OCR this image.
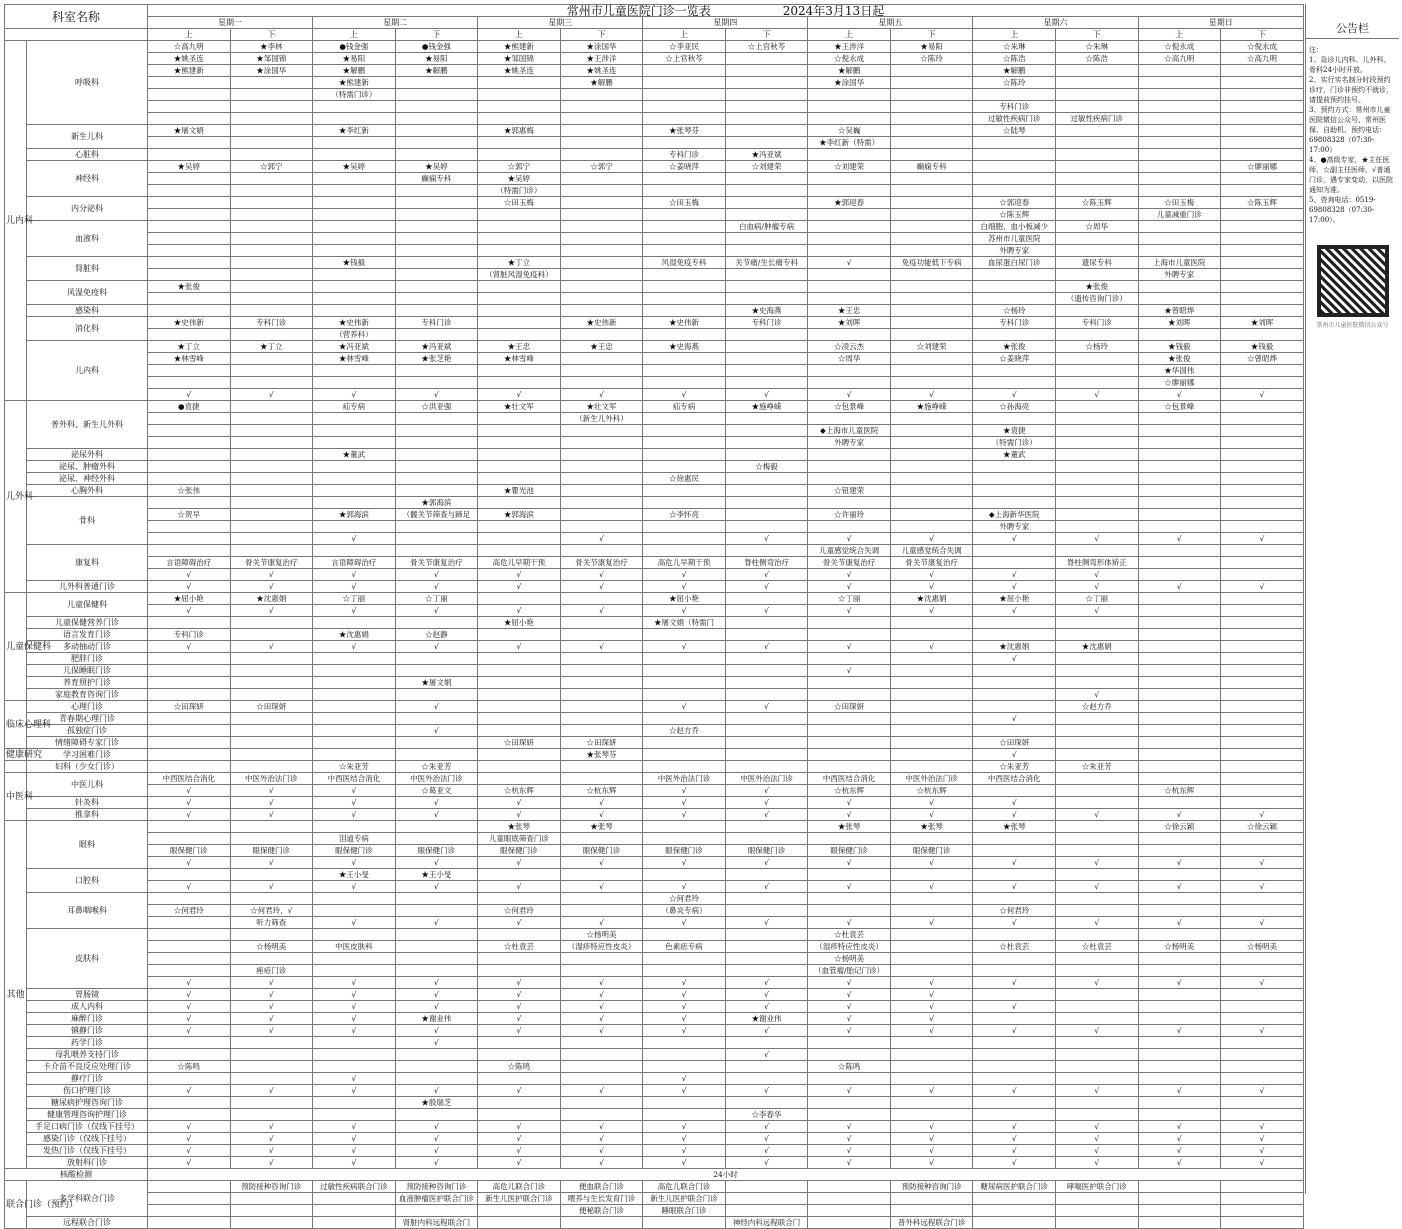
科室名称		常州市儿童医院门诊一览表　　　　　　2024年3月13日起													
		星期一		星期二		星期三		星期四		星期五		星期六		星期日	
		上	下	上	下	上	下	上	下	上	下	上	下	上	下
儿内科	呼吸科	☆高九明	★李林	●钱金强	●钱金强	★熊建新	★涂国华	☆李亚民	☆上官秋芩	★王涉洋	★易阳	☆朱琳	☆朱琳	☆倪永成	☆倪永成
		★姚圣连	★邹国锦	★易阳	★易阳	★邹国锦	★王涉洋	☆上官秋芩		☆倪永成	☆陈玲	☆陈浩	☆陈浩	☆高九明	☆高九明
		★熊建新	★涂国华	★解鹏	★解鹏	★姚圣连	★姚圣连			★解鹏		★解鹏			
				★熊建新			★解鹏			★涂国华		☆陈玲			
				（特需门诊）											
												专科门诊			
												过敏性疾病门诊	过敏性疾病门诊		
	新生儿科	★屠文娟		★李红新		★郭惠梅		★张琴芬		☆吴巍		☆陆琴			
										★李红新（特需）					
	心脏科							专科门诊	★冯亚斌						
	神经科	★吴婷	☆郭宁	★吴婷	★吴婷	☆郭宁	☆郭宁	☆姜晓萍	☆刘建荣	☆刘建荣	癫痫专科				☆廖丽娜
					癫痫专科	★吴婷									
						（特需门诊）									
	内分泌科					☆田玉梅		☆田玉梅		★郭迎春		☆郭迎春	☆陈玉辉	☆田玉梅	☆陈玉辉
												☆陈玉辉		儿童减重门诊	
	血液科								白血病/肿瘤专病			白细胞、血小板减少	☆周华		
												苏州市儿童医院			
												外聘专家			
	肾脏科			★钱毅		★丁立		风湿免疫专科	关节痛/生长痛专科	√	免疫功能低下专病	血尿蛋白尿门诊	遗尿专科	上海市儿童医院	
						（肾脏风湿免疫科）								外聘专家	
	风湿免疫科	★张俊											★张俊		
													（遗传咨询门诊）		
	感染科								★史海燕	★王忠		☆杨玲		★曾昭烨	
	消化科	★史伟新	专科门诊	★史伟新	专科门诊		★史伟新	★史伟新	专科门诊	★刘晖		专科门诊	专科门诊	★刘晖	★刘晖
				（营养科）											
	儿内科	★丁立	★丁立	★冯亚斌	★冯亚斌	★王忠	★王忠	★史海燕		☆凌云杰	☆刘建荣	★张俊	☆杨玲	★钱毅	★钱毅
		★林雪峰		★林雪峰	★张芝艳	★林雪峰				☆周华		☆姜晓萍		★张俊	☆曾昭烨
														★华国伟	
														☆廖丽娜	
		√	√	√	√	√	√	√	√	√	√	√	√	√	√
儿外科	普外科、新生儿外科	●袁捷		疝专病	☆洪亚强	★壮文军	★壮文军	疝专病	★施峥嵘	☆包景峰	★施峥嵘	☆孙海亮		☆包景峰	
							（新生儿外科）								
										◆上海市儿童医院		★袁捷			
										外聘专家		（特需门诊）			
	泌尿外科			★董武								★董武			
	泌尿、肿瘤外科								☆梅毅						
	泌尿、神经外科							☆徐惠民							
	心胸外科	☆张伟				★瞿光池				☆钮建荣					
	骨科				★郭海滨										
		☆贺早		★郭海滨	（髋关节筛查与蹄足	★郭海滨		☆李怀亮		☆许丽玲		◆上海新华医院			
												外聘专家			
				√			√		√	√	√	√	√	√	√
	康复科									儿童感觉统合失调	儿童感觉统合失调				
		言语障碍治疗	骨关节康复治疗	言语障碍治疗	骨关节康复治疗	高危儿早期干预	骨关节康复治疗	高危儿早期干预	脊柱侧弯治疗	骨关节康复治疗	骨关节康复治疗		脊柱侧弯形体矫正		
		√	√	√	√	√	√	√	√	√	√	√	√		
	儿外科普通门诊	√	√	√	√	√	√	√	√	√	√	√	√	√	√
儿童保健科	儿童保健科	★屈小艳	★沈惠娟	☆丁丽	☆丁丽			★屈小艳		☆丁丽	★沈惠娟	★屈小艳	☆丁丽		
		√	√	√	√	√	√	√	√	√	√	√	√		
	儿童保健营养门诊					★屈小艳		★屠文娟（特需门							
	语言发育门诊	专科门诊		★沈惠娟	☆赵静										
	多动抽动门诊	√	√	√	√	√	√	√	√	√	√	★沈惠娟	★沈惠娟		
	肥胖门诊											√			
	儿保睡眠门诊									√					
	养育照护门诊				★屠文娟										
	家庭教育咨询门诊												√		
临床心理科	心理门诊	☆田琛妍	☆田琛妍		√			√	√	☆田琛妍			☆赵方乔		
	青春期心理门诊											√			
	孤独症门诊				√			☆赵方乔							
	情绪障碍专家门诊					☆田琛妍	☆田琛妍					☆田琛妍			
健康研究	学习困难门诊						★张琴芬					√			
	妇科（少女门诊）			☆朱亚芳	☆朱亚芳							☆朱亚芳	☆朱亚芳		
中医科	中医儿科	中西医结合消化	中医外治法门诊	中西医结合消化	中医外治法门诊			中医外治法门诊	中医外治法门诊	中西医结合消化	中医外治法门诊	中西医结合消化			
		√	√	√	☆葛亚文	☆杭东辉	☆杭东辉	√	√	☆杭东辉	☆杭东辉			☆杭东辉	
	针灸科	√	√	√	√	√	√	√	√	√	√	√			
	推拿科	√	√	√	√	√	√	√	√	√	√	√	√	√	√
其他	眼科					★张琴	★张琴			★张琴	★张琴	★张琴		☆徐云颖	☆徐云颖
				泪道专病		儿童眼底筛查门诊									
		眼保健门诊	眼保健门诊	眼保健门诊	眼保健门诊	眼保健门诊	眼保健门诊	眼保健门诊	眼保健门诊	眼保健门诊	眼保健门诊				
		√	√	√	√	√	√	√	√	√	√	√	√	√	√
	口腔科			★王小旻	★王小旻										
		√	√	√	√	√	√	√	√	√	√	√	√	√	√
	耳鼻咽喉科							☆何君玲							
		☆何君玲	☆何君玲，√			☆何君玲		（鼻炎专病）				☆何君玲			
			听力筛查	√	√	√	√	√	√	√	√	√	√	√	√
	皮肤科						☆杨明美			☆杜袁芸					
			☆杨明美	中医皮肤科		☆杜袁芸	（湿疹特应性皮炎）	色素痣专病		（湿疹特应性皮炎）		☆杜袁芸	☆杜袁芸	☆杨明美	☆杨明美
										☆杨明美					
			痤疮门诊							（血管瘤/胎记门诊）					
		√	√	√	√	√	√	√	√	√	√	√	√	√	√
	胃肠镜	√	√	√	√	√	√	√	√	√	√				
	成人内科	√	√	√	√	√	√	√	√	√	√	√			
	麻醉门诊	√	√	√	★谢业伟	√	√	√	★谢业伟	√	√				
	镇静门诊	√	√	√	√	√	√	√	√	√	√	√	√	√	√
	药学门诊				√										
	母乳喂养支持门诊								√						
	卡介苗不良反应处理门诊	☆陈鸣				☆陈鸣				☆陈鸣					
	静疗门诊			√				√							
	伤口护理门诊	√	√	√	√	√	√	√	√	√	√	√	√	√	√
	糖尿病护理咨询门诊				★殷瑞芝										
	健康管理咨询护理门诊								☆李春华						
	手足口病门诊（仅线下挂号）	√	√	√	√	√	√	√	√	√	√	√	√	√	√
	感染门诊（仅线下挂号）	√	√	√	√	√	√	√	√	√	√	√	√	√	√
	发热门诊（仅线下挂号）	√	√	√	√	√	√	√	√	√	√	√	√	√	√
	放射科门诊	√	√	√	√	√	√	√	√	√	√	√	√	√	√
核酸检测		24小时													
联合门诊（预约）	多学科联合门诊		预防接种咨询门诊	过敏性疾病联合门诊	预防接种咨询门诊	高危儿联合门诊	便血联合门诊	高危儿联合门诊			预防接种咨询门诊	糖尿病医护联合门诊	哮喘医护联合门诊		
					血液肿瘤医护联合门诊	新生儿医护联合门诊	喂养与生长发育门诊	新生儿医护联合门诊							
							便秘联合门诊	睡眠联合门诊							
	远程联合门诊				肾脏内科远程联合门				神经内科远程联合门		普外科远程联合门诊				
公告栏

注：

1、急诊儿内科、儿外科、骨科24小时开放。

2、实行实名制分时段预约诊疗，门诊非预约不就诊，请提前预约挂号。

3、预约方式：常州市儿童医院微信公众号、常州医保、自助机、预约电话：69808328（07:30-17:00）

4、●高级专家，★主任医师，☆副主任医师，√普通门诊，遇专家变动，以医院通知为准。

5、咨询电话：0519-69808328（07:30-17:00）。

常州市儿童医院微信公众号
